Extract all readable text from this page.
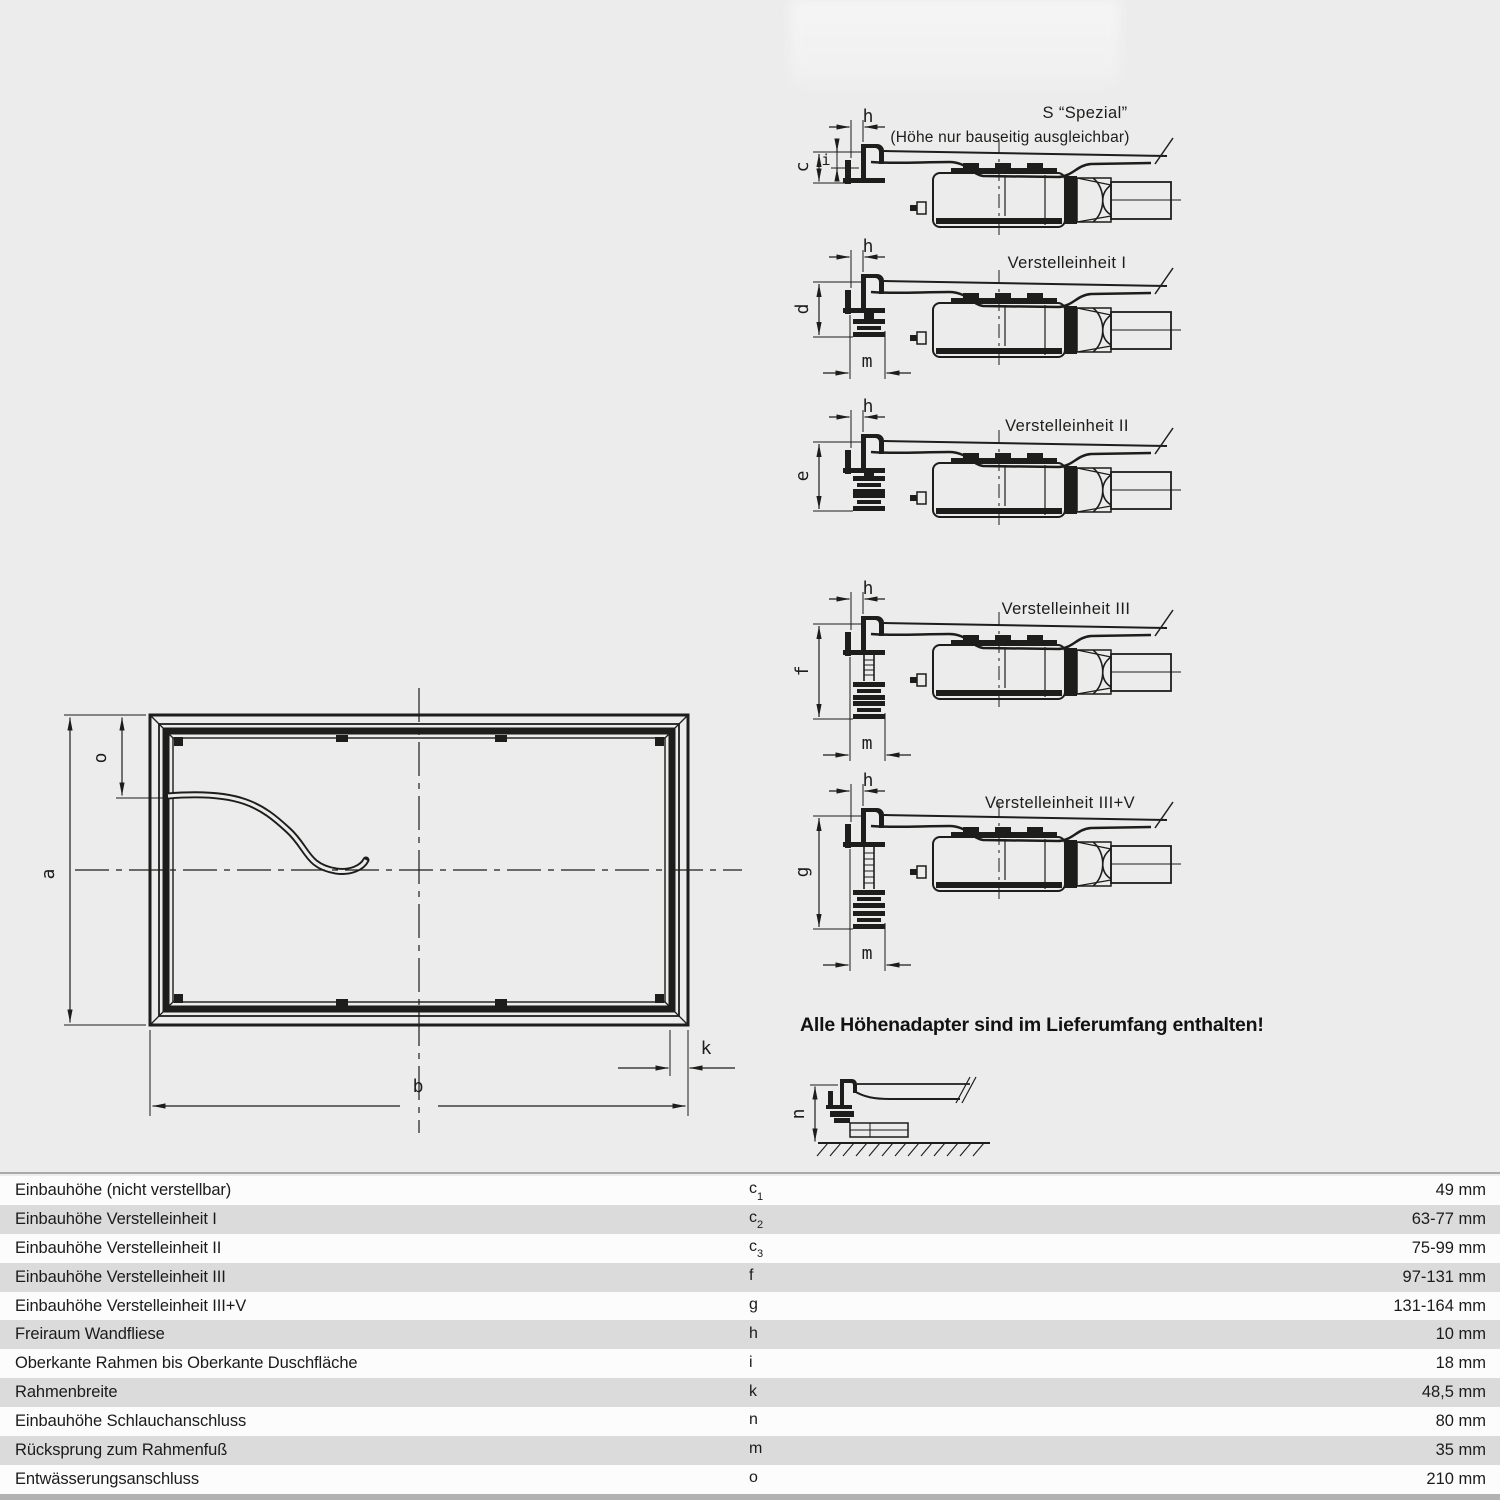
S “Spezial”
(Höhe nur bauseitig ausgleichbar)
h
i
c
Verstelleinheit I
h
d
m
Verstelleinheit II
h
e
Verstelleinheit III
h
f
m
Verstelleinheit III+V
h
g
m
n
Alle Höhenadapter sind im Lieferumfang enthalten!
a
o
b
k
Einbauhöhe (nicht verstellbar)	$c_1$	49 mm
Einbauhöhe Verstelleinheit I	$c_2$	63-77 mm
Einbauhöhe Verstelleinheit II	$c_3$	75-99 mm
Einbauhöhe Verstelleinheit III	f	97-131 mm
Einbauhöhe Verstelleinheit III+V	g	131-164 mm
Freiraum Wandfliese	h	10 mm
Oberkante Rahmen bis Oberkante Duschfläche	i	18 mm
Rahmenbreite	k	48,5 mm
Einbauhöhe Schlauchanschluss	n	80 mm
Rücksprung zum Rahmenfuß	m	35 mm
Entwässerungsanschluss	o	210 mm
